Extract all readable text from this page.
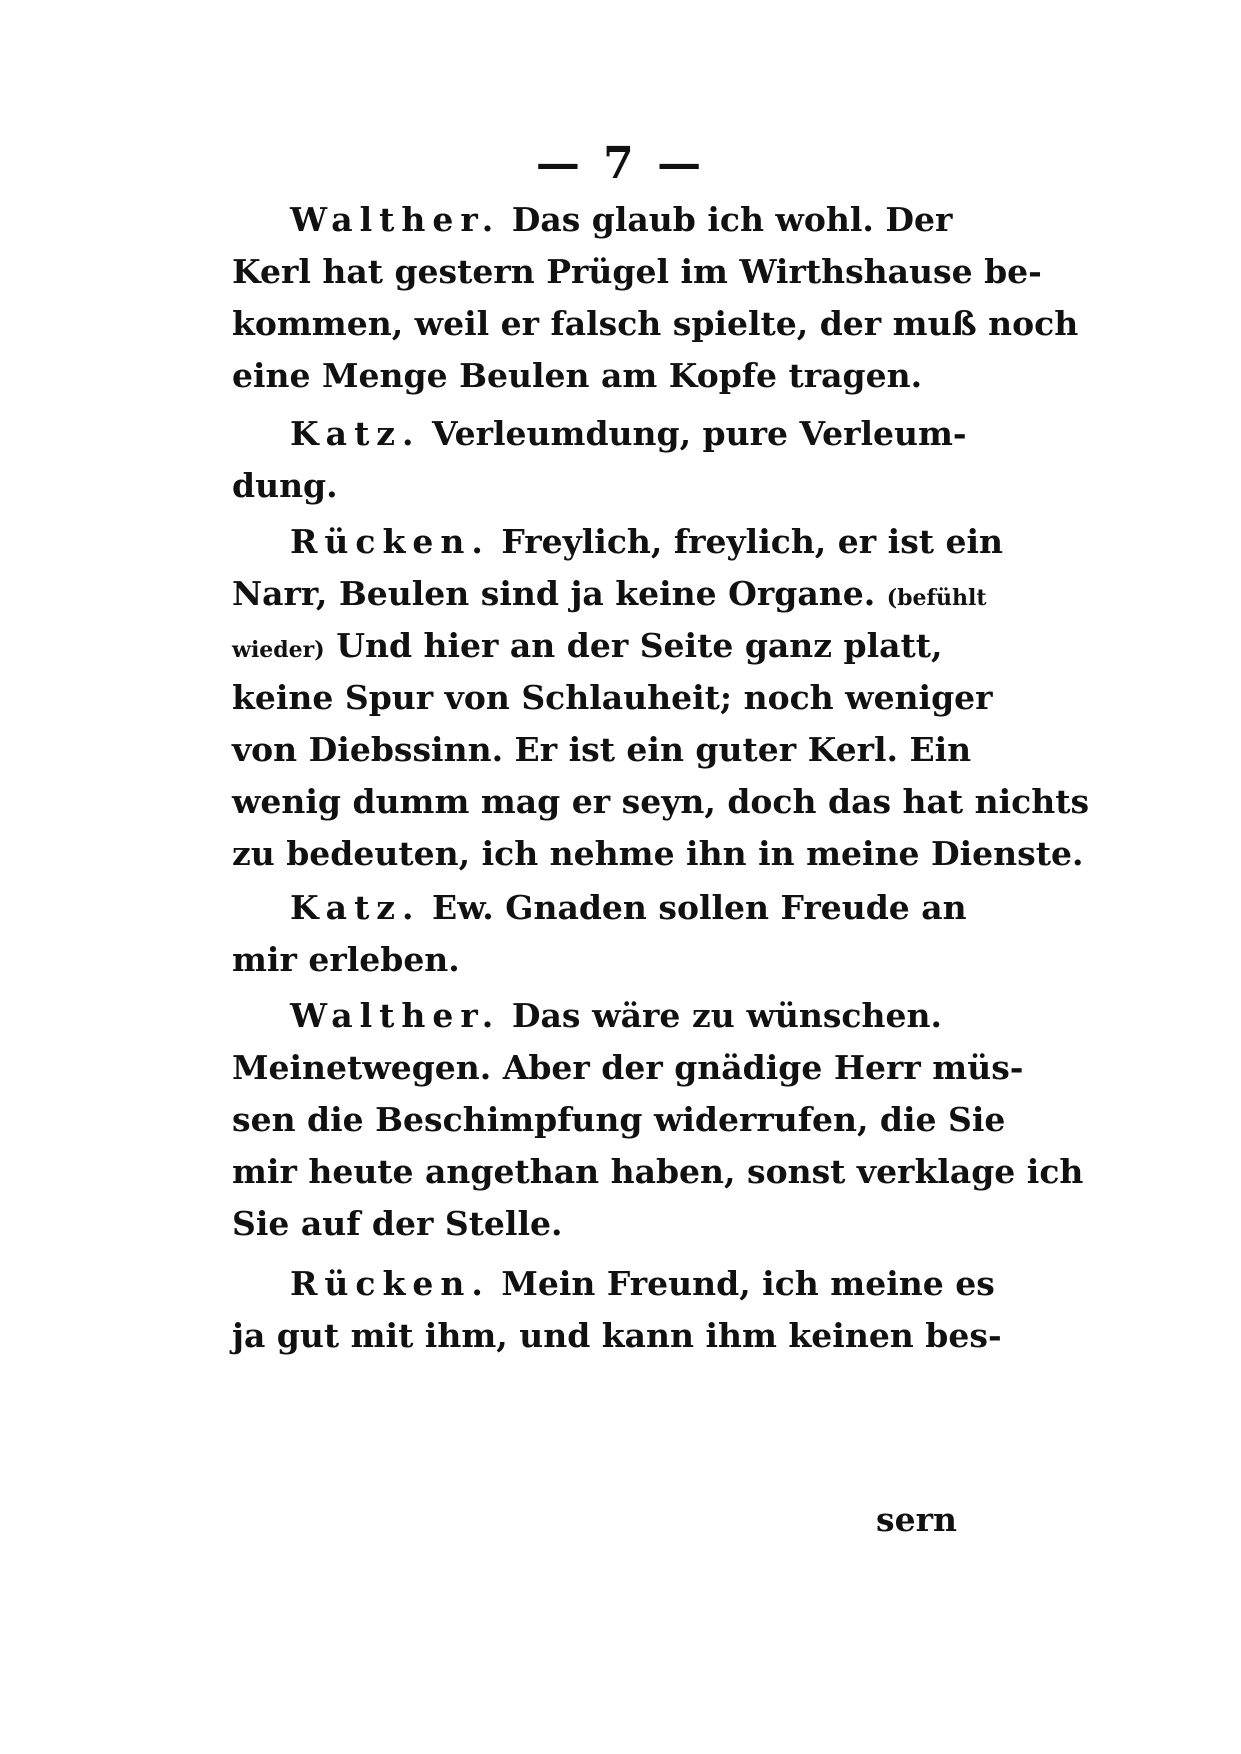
— 7 —
Walther. Das glaub ich wohl. Der
Kerl hat gestern Prügel im Wirthshause be-
kommen, weil er falsch spielte, der muß noch
eine Menge Beulen am Kopfe tragen.
Katz. Verleumdung, pure Verleum-
dung.
Rücken. Freylich, freylich, er ist ein
Narr, Beulen sind ja keine Organe. (befühlt
wieder) Und hier an der Seite ganz platt,
keine Spur von Schlauheit; noch weniger
von Diebssinn. Er ist ein guter Kerl. Ein
wenig dumm mag er seyn, doch das hat nichts
zu bedeuten, ich nehme ihn in meine Dienste.
Katz. Ew. Gnaden sollen Freude an
mir erleben.
Walther. Das wäre zu wünschen.
Meinetwegen. Aber der gnädige Herr müs-
sen die Beschimpfung widerrufen, die Sie
mir heute angethan haben, sonst verklage ich
Sie auf der Stelle.
Rücken. Mein Freund, ich meine es
ja gut mit ihm, und kann ihm keinen bes-
sern
